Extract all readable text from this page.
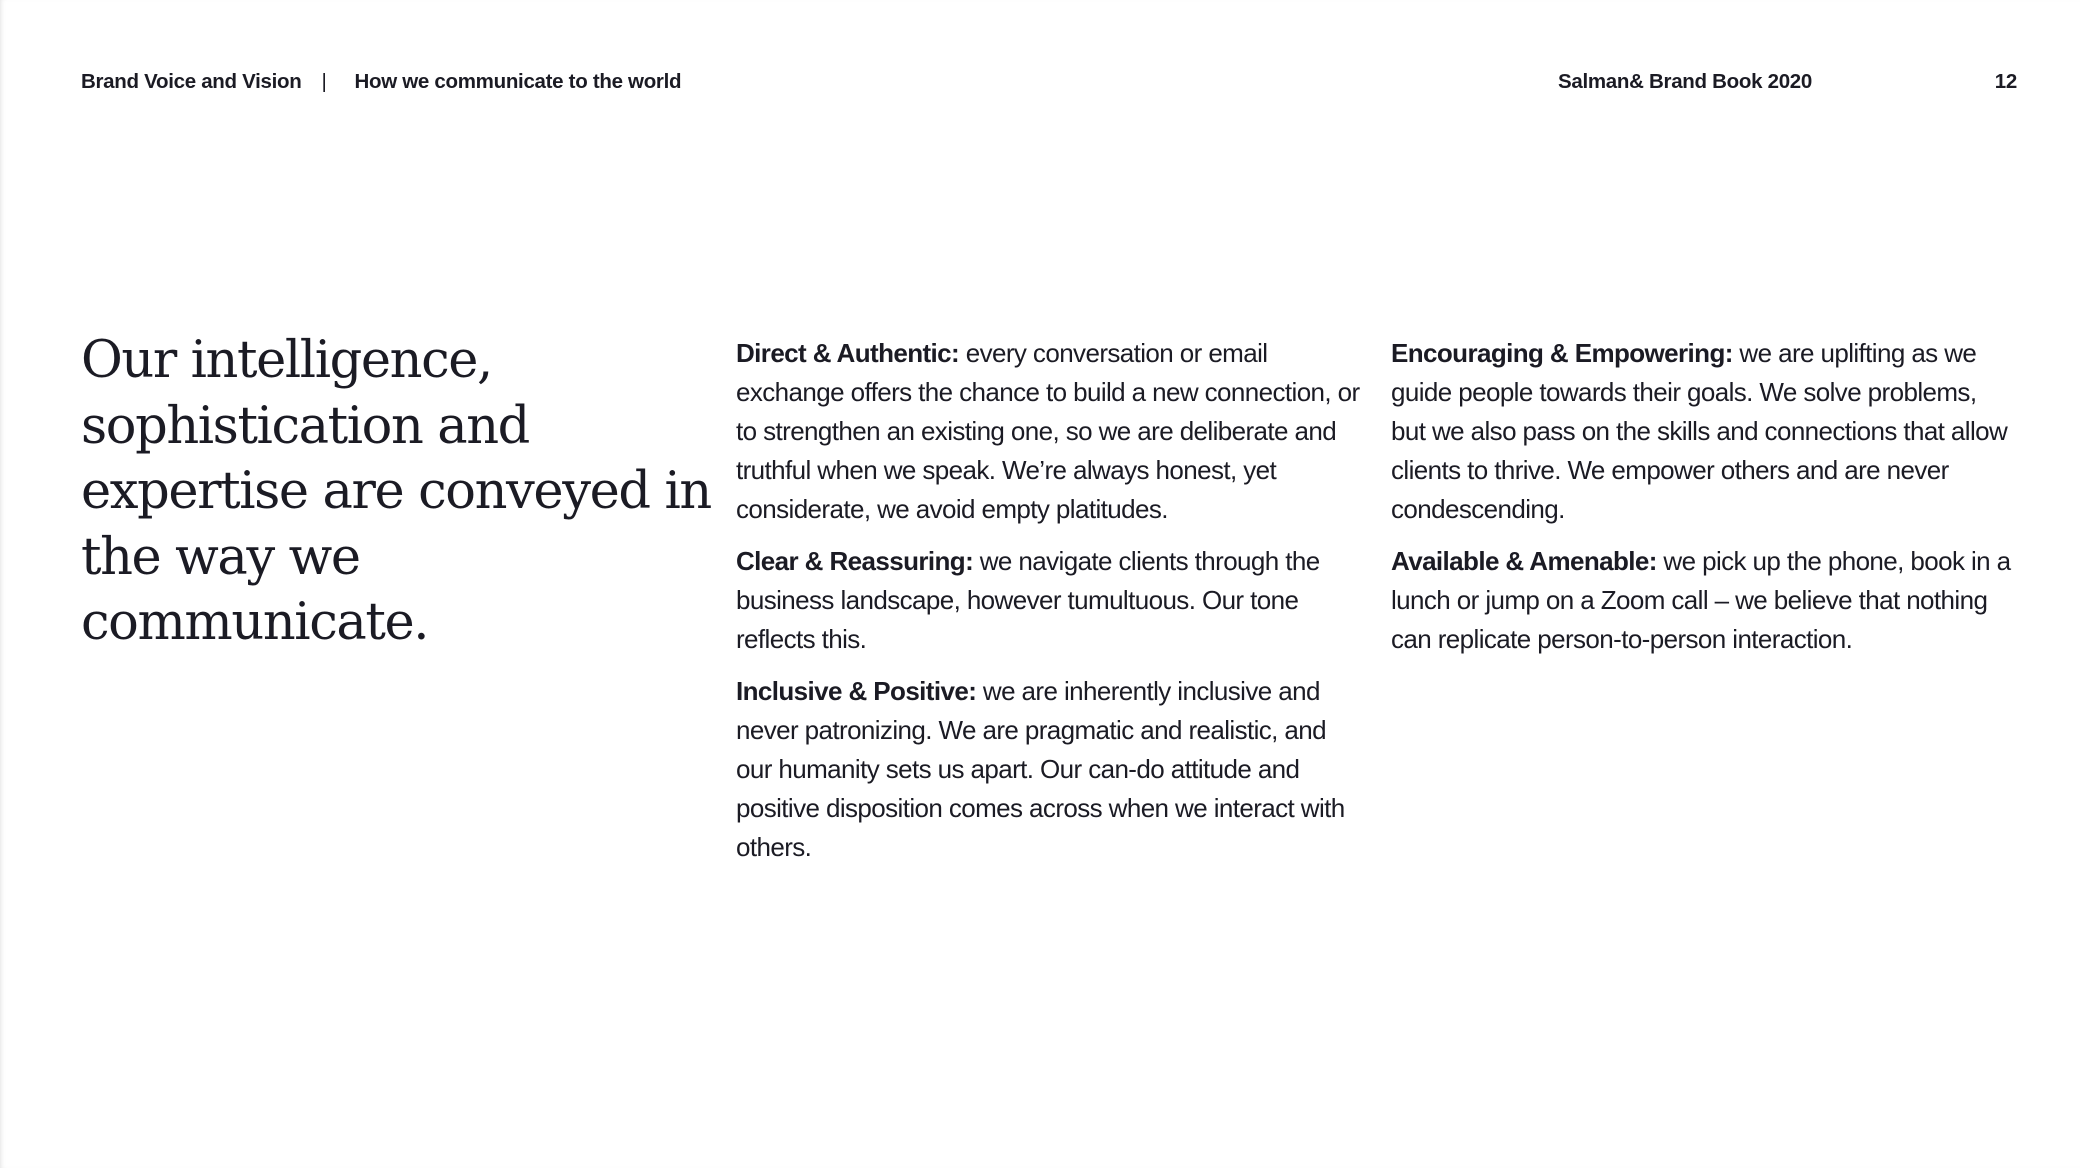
Brand Voice and Vision | How we communicate to the world	Salman& Brand Book 2020	12
Our intelligence, sophistication and expertise are conveyed in the way we communicate.

Direct & Authentic: every conversation or email exchange offers the chance to build a new connection, or to strengthen an existing one, so we are deliberate and truthful when we speak. We’re always honest, yet considerate, we avoid empty platitudes.

Clear & Reassuring: we navigate clients through the business landscape, however tumultuous. Our tone reflects this.

Inclusive & Positive: we are inherently inclusive and never patronizing. We are pragmatic and realistic, and our humanity sets us apart. Our can-do attitude and positive disposition comes across when we interact with others.

Encouraging & Empowering: we are uplifting as we guide people towards their goals. We solve problems, but we also pass on the skills and connections that allow clients to thrive. We empower others and are never condescending.

Available & Amenable: we pick up the phone, book in a lunch or jump on a Zoom call – we believe that nothing can replicate person-to-person interaction.
